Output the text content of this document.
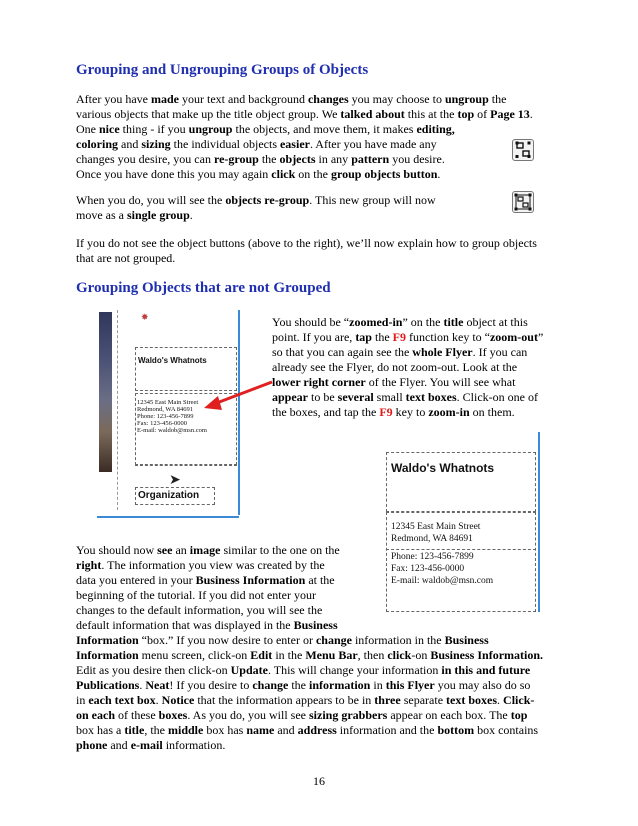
Grouping and Ungrouping Groups of Objects
After you have made your text and background changes you may choose to ungroup the
various objects that make up the title object group. We talked about this at the top of Page 13.
One nice thing - if you ungroup the objects, and move them, it makes editing,
coloring and sizing the individual objects easier. After you have made any
changes you desire, you can re-group the objects in any pattern you desire.
Once you have done this you may again click on the group objects button.
When you do, you will see the objects re-group. This new group will now
move as a single group.
If you do not see the object buttons (above to the right), we’ll now explain how to group objects
that are not grouped.
Grouping Objects that are not Grouped
✸
Waldo's Whatnots
12345 East Main Street
Redmond, WA 84691
Phone: 123-456-7899
Fax: 123-456-0000
E-mail: waldob@msn.com
➤
Organization
You should be “zoomed-in” on the title object at this
point. If you are, tap the F9 function key to “zoom-out”
so that you can again see the whole Flyer. If you can
already see the Flyer, do not zoom-out. Look at the
lower right corner of the Flyer. You will see what
appear to be several small text boxes. Click-on one of
the boxes, and tap the F9 key to zoom-in on them.
Waldo's Whatnots
12345 East Main Street
Redmond, WA 84691
Phone: 123-456-7899
Fax: 123-456-0000
E-mail: waldob@msn.com
You should now see an image similar to the one on the
right. The information you view was created by the
data you entered in your Business Information at the
beginning of the tutorial. If you did not enter your
changes to the default information, you will see the
default information that was displayed in the Business
Information “box.” If you now desire to enter or change information in the Business
Information menu screen, click-on Edit in the Menu Bar, then click-on Business Information.
Edit as you desire then click-on Update. This will change your information in this and future
Publications. Neat! If you desire to change the information in this Flyer you may also do so
in each text box. Notice that the information appears to be in three separate text boxes. Click-
on each of these boxes. As you do, you will see sizing grabbers appear on each box. The top
box has a title, the middle box has name and address information and the bottom box contains
phone and e-mail information.
16
